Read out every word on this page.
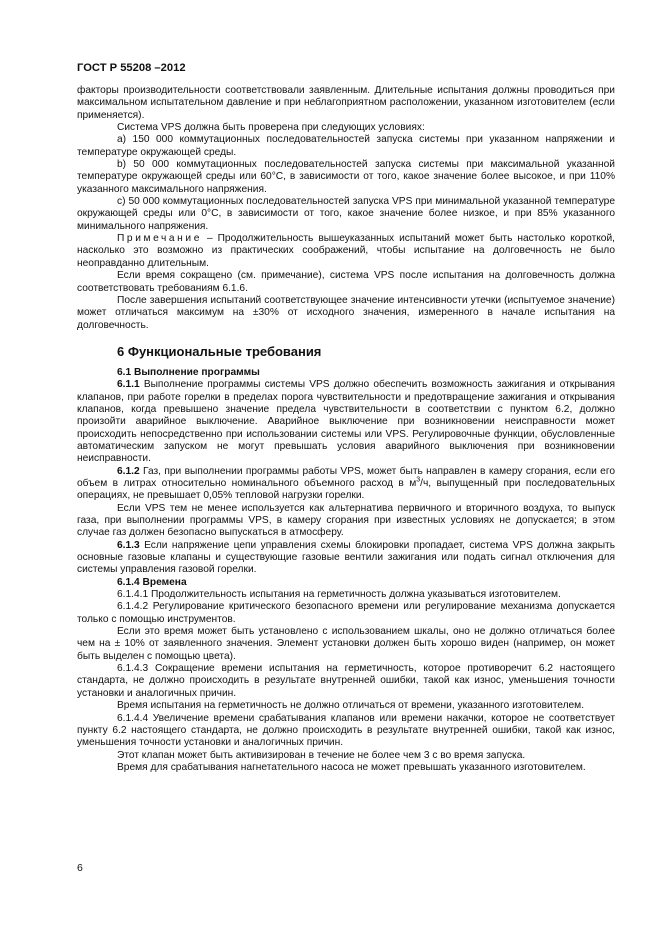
ГОСТ Р 55208 –2012

факторы производительности соответствовали заявленным. Длительные испытания должны проводиться при максимальном испытательном давление и при неблагоприятном расположении, указанном изготовителем (если применяется).

Система VPS должна быть проверена при следующих условиях:

a) 150 000 коммутационных последовательностей запуска системы при указанном напряжении и температуре окружающей среды.

b) 50 000 коммутационных последовательностей запуска системы при максимальной указанной температуре окружающей среды или 60°C, в зависимости от того, какое значение более высокое, и при 110% указанного максимального напряжения.

c) 50 000 коммутационных последовательностей запуска VPS при минимальной указанной температуре окружающей среды или 0°C, в зависимости от того, какое значение более низкое, и при 85% указанного минимального напряжения.

Примечание – Продолжительность вышеуказанных испытаний может быть настолько короткой, насколько это возможно из практических соображений, чтобы испытание на долговечность не было неоправданно длительным.

Если время сокращено (см. примечание), система VPS после испытания на долговечность должна соответствовать требованиям 6.1.6.

После завершения испытаний соответствующее значение интенсивности утечки (испытуемое значение) может отличаться максимум на ±30% от исходного значения, измеренного в начале испытания на долговечность.

6 Функциональные требования

6.1 Выполнение программы

6.1.1 Выполнение программы системы VPS должно обеспечить возможность зажигания и открывания клапанов, при работе горелки в пределах порога чувствительности и предотвращение зажигания и открывания клапанов, когда превышено значение предела чувствительности в соответствии с пунктом 6.2, должно произойти аварийное выключение. Аварийное выключение при возникновении неисправности может происходить непосредственно при использовании системы или VPS. Регулировочные функции, обусловленные автоматическим запуском не могут превышать условия аварийного выключения при возникновении неисправности.

6.1.2 Газ, при выполнении программы работы VPS, может быть направлен в камеру сгорания, если его объем в литрах относительно номинального объемного расход в $м^3/ч$, выпущенный при последовательных операциях, не превышает 0,05% тепловой нагрузки горелки.

Если VPS тем не менее используется как альтернатива первичного и вторичного воздуха, то выпуск газа, при выполнении программы VPS, в камеру сгорания при известных условиях не допускается; в этом случае газ должен безопасно выпускаться в атмосферу.

6.1.3 Если напряжение цепи управления схемы блокировки пропадает, система VPS должна закрыть основные газовые клапаны и существующие газовые вентили зажигания или подать сигнал отключения для системы управления газовой горелки.

6.1.4 Времена

6.1.4.1 Продолжительность испытания на герметичность должна указываться изготовителем.

6.1.4.2 Регулирование критического безопасного времени или регулирование механизма допускается только с помощью инструментов.

Если это время может быть установлено с использованием шкалы, оно не должно отличаться более чем на ± 10% от заявленного значения. Элемент установки должен быть хорошо виден (например, он может быть выделен с помощью цвета).

6.1.4.3 Сокращение времени испытания на герметичность, которое противоречит 6.2 настоящего стандарта, не должно происходить в результате внутренней ошибки, такой как износ, уменьшения точности установки и аналогичных причин.

Время испытания на герметичность не должно отличаться от времени, указанного изготовителем.

6.1.4.4 Увеличение времени срабатывания клапанов или времени накачки, которое не соответствует пункту 6.2 настоящего стандарта, не должно происходить в результате внутренней ошибки, такой как износ, уменьшения точности установки и аналогичных причин.

Этот клапан может быть активизирован в течение не более чем 3 с во время запуска.

Время для срабатывания нагнетательного насоса не может превышать указанного изготовителем.

6
